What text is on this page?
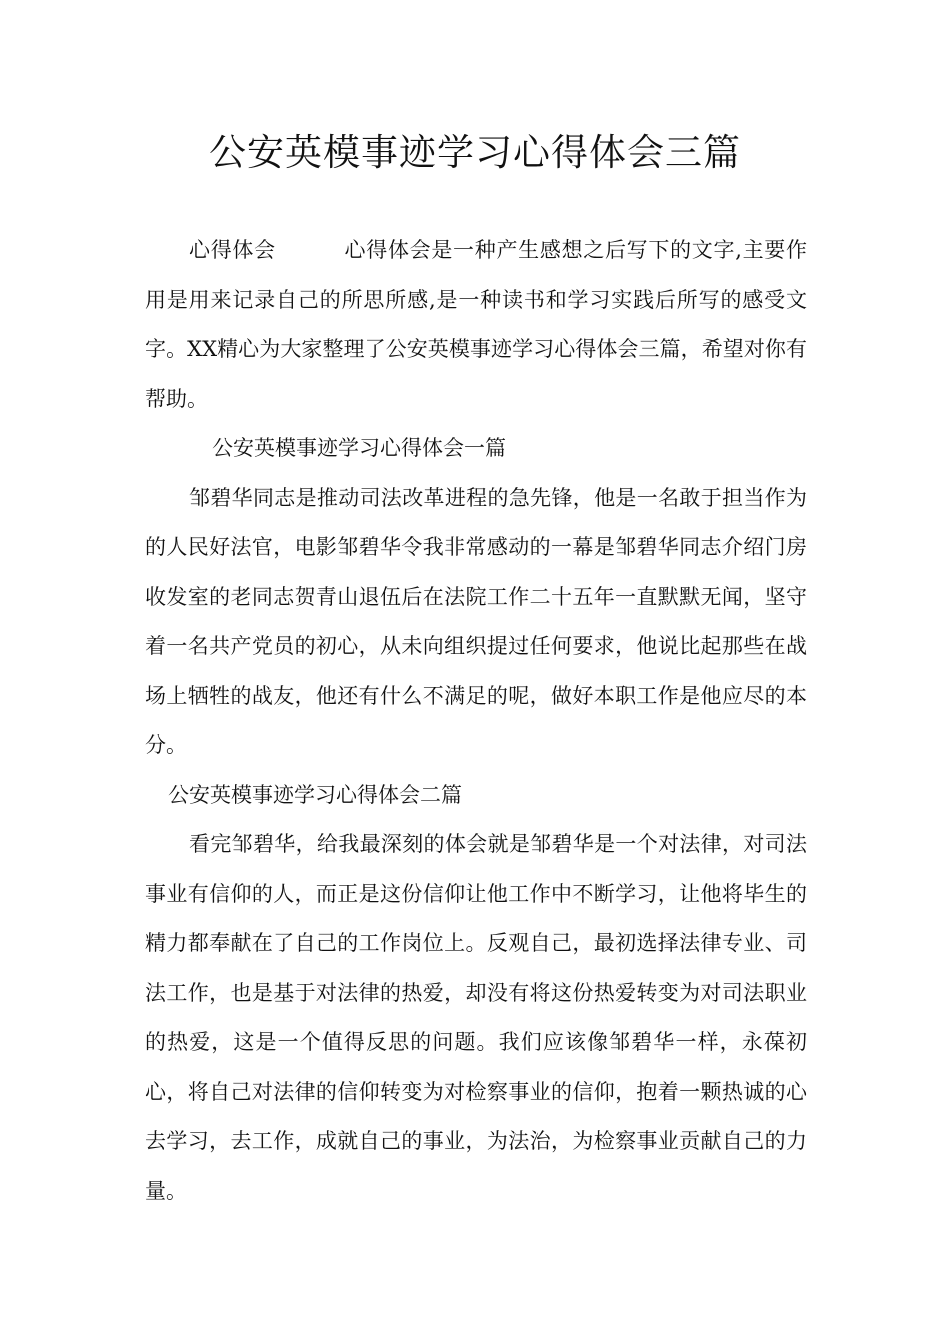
公安英模事迹学习心得体会三篇

心得体会	心得体会是一种产生感想之后写下的文字,主要作用是用来记录自己的所思所感,是一种读书和学习实践后所写的感受文字。XX精心为大家整理了公安英模事迹学习心得体会三篇，希望对你有帮助。

公安英模事迹学习心得体会一篇

邹碧华同志是推动司法改革进程的急先锋，他是一名敢于担当作为的人民好法官，电影邹碧华令我非常感动的一幕是邹碧华同志介绍门房收发室的老同志贺青山退伍后在法院工作二十五年一直默默无闻，坚守着一名共产党员的初心，从未向组织提过任何要求，他说比起那些在战场上牺牲的战友，他还有什么不满足的呢，做好本职工作是他应尽的本分。

公安英模事迹学习心得体会二篇

看完邹碧华，给我最深刻的体会就是邹碧华是一个对法律，对司法事业有信仰的人，而正是这份信仰让他工作中不断学习，让他将毕生的精力都奉献在了自己的工作岗位上。反观自己，最初选择法律专业、司法工作，也是基于对法律的热爱，却没有将这份热爱转变为对司法职业的热爱，这是一个值得反思的问题。我们应该像邹碧华一样，永葆初心，将自己对法律的信仰转变为对检察事业的信仰，抱着一颗热诚的心去学习，去工作，成就自己的事业，为法治，为检察事业贡献自己的力量。
